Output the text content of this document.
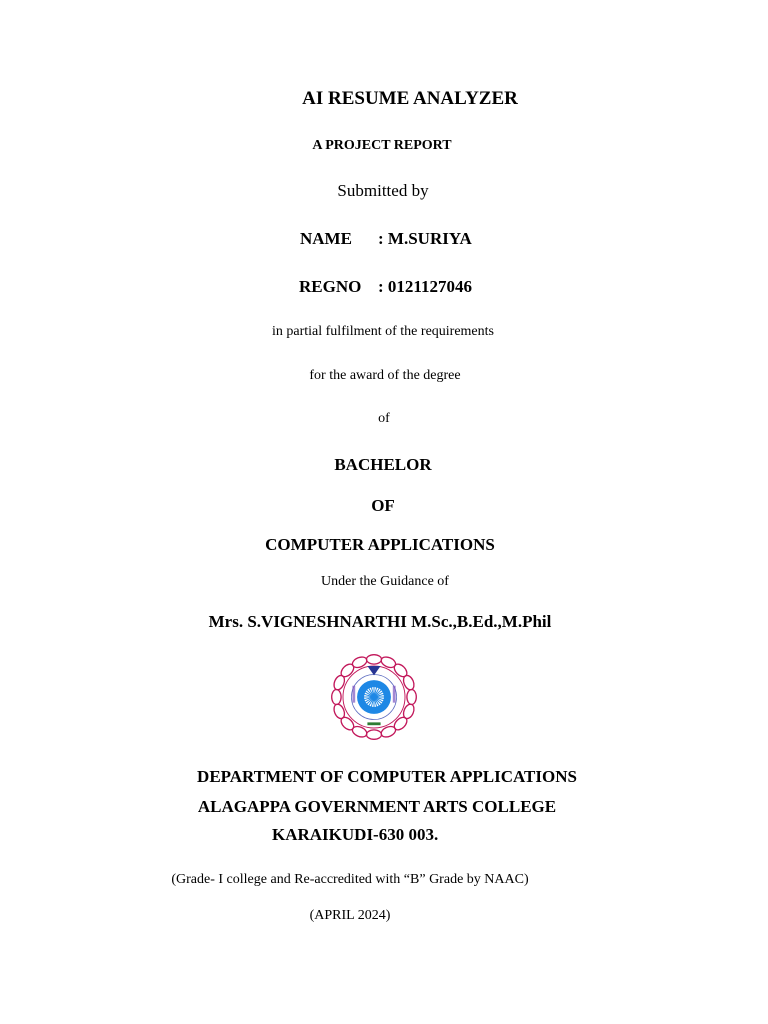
AI RESUME ANALYZER
A PROJECT REPORT
Submitted by
NAME : M.SURIYA
REGNO : 0121127046
in partial fulfilment of the requirements
for the award of the degree
of
BACHELOR
OF
COMPUTER APPLICATIONS
Under the Guidance of
Mrs. S.VIGNESHNARTHI M.Sc.,B.Ed.,M.Phil
DEPARTMENT OF COMPUTER APPLICATIONS
ALAGAPPA GOVERNMENT ARTS COLLEGE
KARAIKUDI-630 003.
(Grade- I college and Re-accredited with “B” Grade by NAAC)
(APRIL 2024)
